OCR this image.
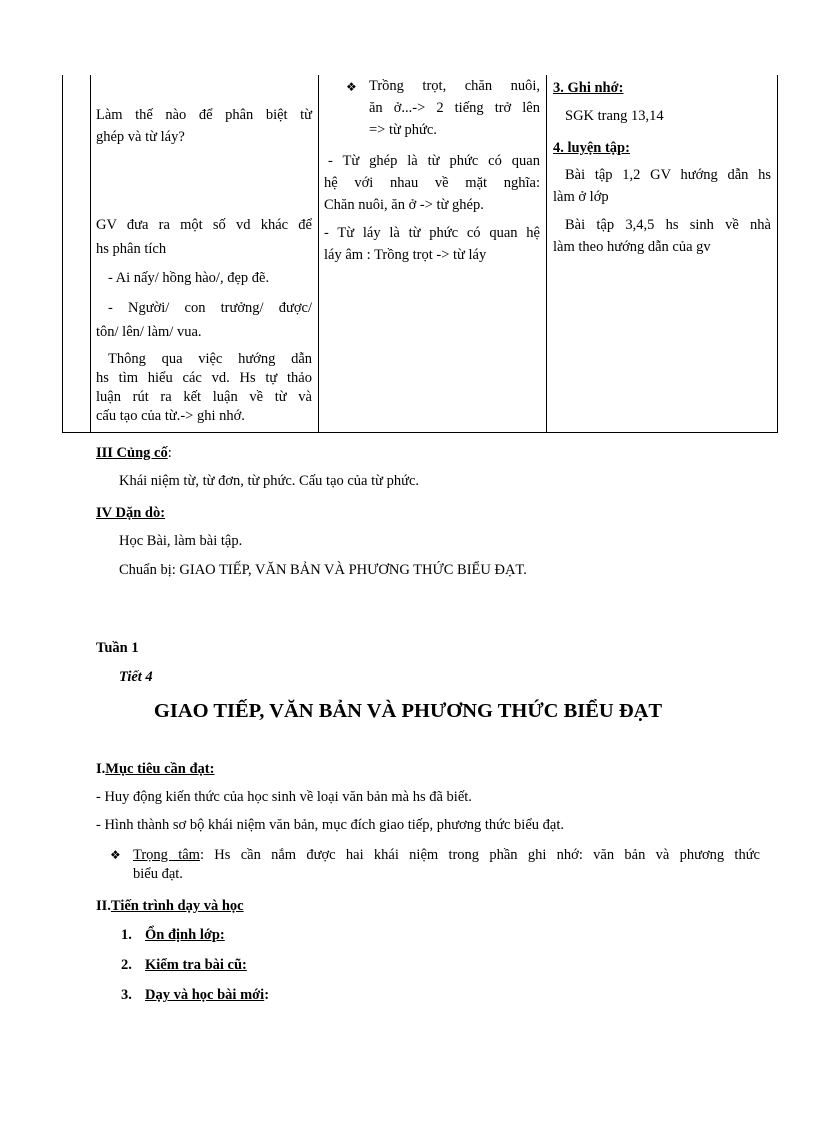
Làm thế nào để phân biệt từ

ghép và từ láy?

GV đưa ra một số vd khác để

hs phân tích

- Ai nấy/ hồng hào/, đẹp đẽ.

- Người/ con trưởng/ được/

tôn/ lên/ làm/ vua.

Thông qua việc hướng dẫn

hs tìm hiểu các vd. Hs tự thảo

luận rút ra kết luận về từ và

cấu tạo của từ.-> ghi nhớ.

❖ Trồng trọt, chăn nuôi,

ăn ở...-> 2 tiếng trở lên

=> từ phức.

- Từ ghép là từ phức có quan

hệ với nhau về mặt nghĩa:

Chăn nuôi, ăn ở -> từ ghép.

- Từ láy là từ phức có quan hệ

láy âm : Trồng trọt -> từ láy

3. Ghi nhớ:

SGK trang 13,14

4. luyện tập:

Bài tập 1,2 GV hướng dẫn hs

làm ở lớp

Bài tập 3,4,5 hs sinh về nhà

làm theo hướng dẫn của gv

III Củng cố:
Khái niệm từ, từ đơn, từ phức. Cấu tạo của từ phức.
IV Dặn dò:
Học Bài, làm bài tập.
Chuẩn bị: GIAO TIẾP, VĂN BẢN VÀ PHƯƠNG THỨC BIỂU ĐẠT.
Tuần 1
Tiết 4
GIAO TIẾP, VĂN BẢN VÀ PHƯƠNG THỨC BIỂU ĐẠT
I.Mục tiêu cần đạt:
- Huy động kiến thức của học sinh về loại văn bản mà hs đã biết.
- Hình thành sơ bộ khái niệm văn bản, mục đích giao tiếp, phương thức biểu đạt.
❖ Trọng tâm: Hs cần nắm được hai khái niệm trong phần ghi nhớ: văn bản và phương thức

biểu đạt.

II.Tiến trình dạy và học
1. Ổn định lớp:
2. Kiểm tra bài cũ:
3. Dạy và học bài mới:
